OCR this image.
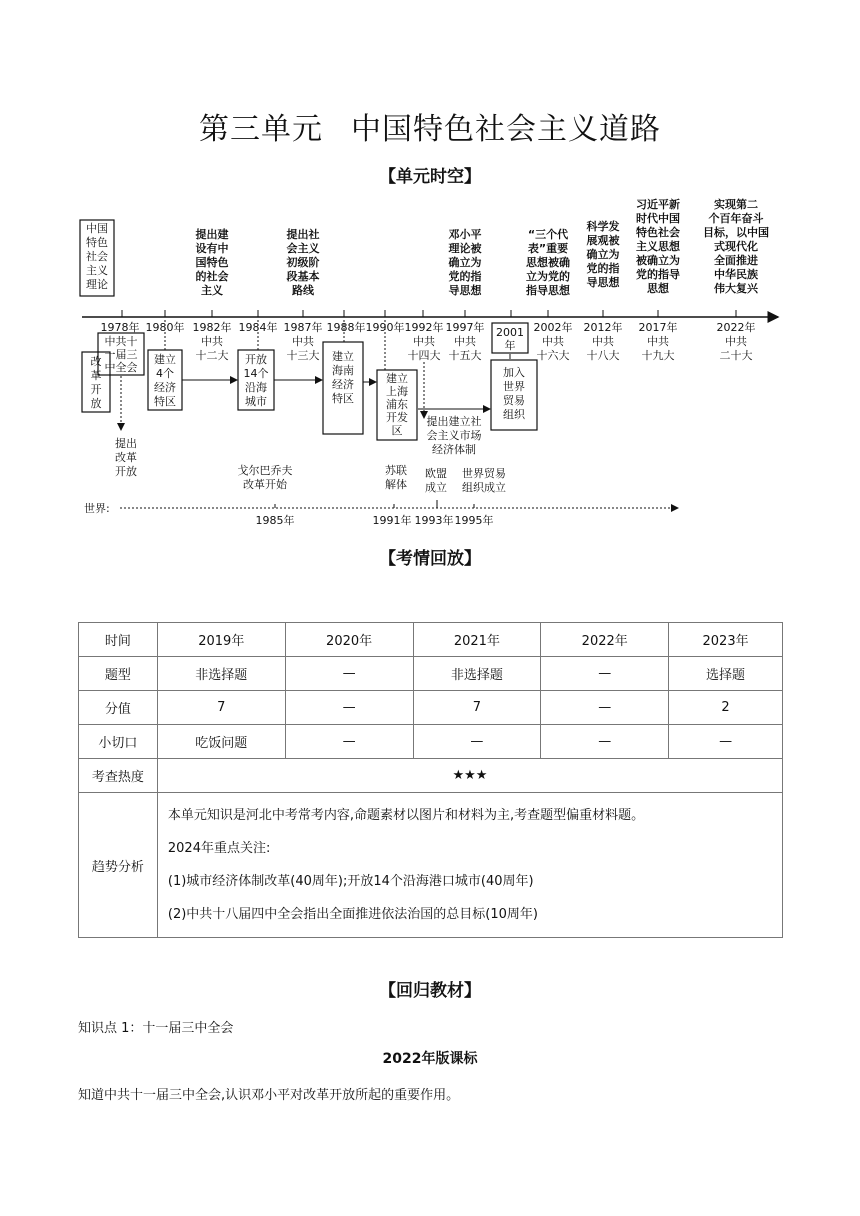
第三单元 中国特色社会主义道路
【单元时空】
中国
特色
社会
主义
理论
提出建
设有中
国特色
的社会
主义
提出社
会主义
初级阶
段基本
路线
邓小平
理论被
确立为
党的指
导思想
“三个代
表”重要
思想被确
立为党的
指导思想
科学发
展观被
确立为
党的指
导思想
习近平新
时代中国
特色社会
主义思想
被确立为
党的指导
思想
实现第二
个百年奋斗
目标，以中国
式现代化
全面推进
中华民族
伟大复兴
1978年 1980年 1982年 1984年 1987年 1988年 1990年 1992年 1997年	2002年 2012年 2017年	2022年
中共十
一届三
中全会
中共
十二大
中共
十三大
中共
十四大
中共
十五大
中共
十六大
中共
十八大
中共
十九大
中共
二十大
2001
年
改
革
开
放
提出
改革
开放
建立
4个
经济
特区
开放
14个
沿海
城市
建立
海南
经济
特区
建立
上海
浦东
开发
区
提出建立社
会主义市场
经济体制
加入
世界
贸易
组织
戈尔巴乔夫
改革开始
苏联
解体
欧盟
成立
世界贸易
组织成立
世界:
1985年	1991年 1993年 1995年
【考情回放】
时间	2019年	2020年	2021年	2022年	2023年
题型	非选择题	—	非选择题	—	选择题
分值	7	—	7	—	2
小切口	吃饭问题	—	—	—	—
考查热度	★★★				
趋势分析	本单元知识是河北中考常考内容,命题素材以图片和材料为主,考查题型偏重材料题。
2024年重点关注:
(1)城市经济体制改革(40周年);开放14个沿海港口城市(40周年)
(2)中共十八届四中全会指出全面推进依法治国的总目标(10周年)				
【回归教材】
知识点 1：十一届三中全会
2022年版课标
知道中共十一届三中全会,认识邓小平对改革开放所起的重要作用。
